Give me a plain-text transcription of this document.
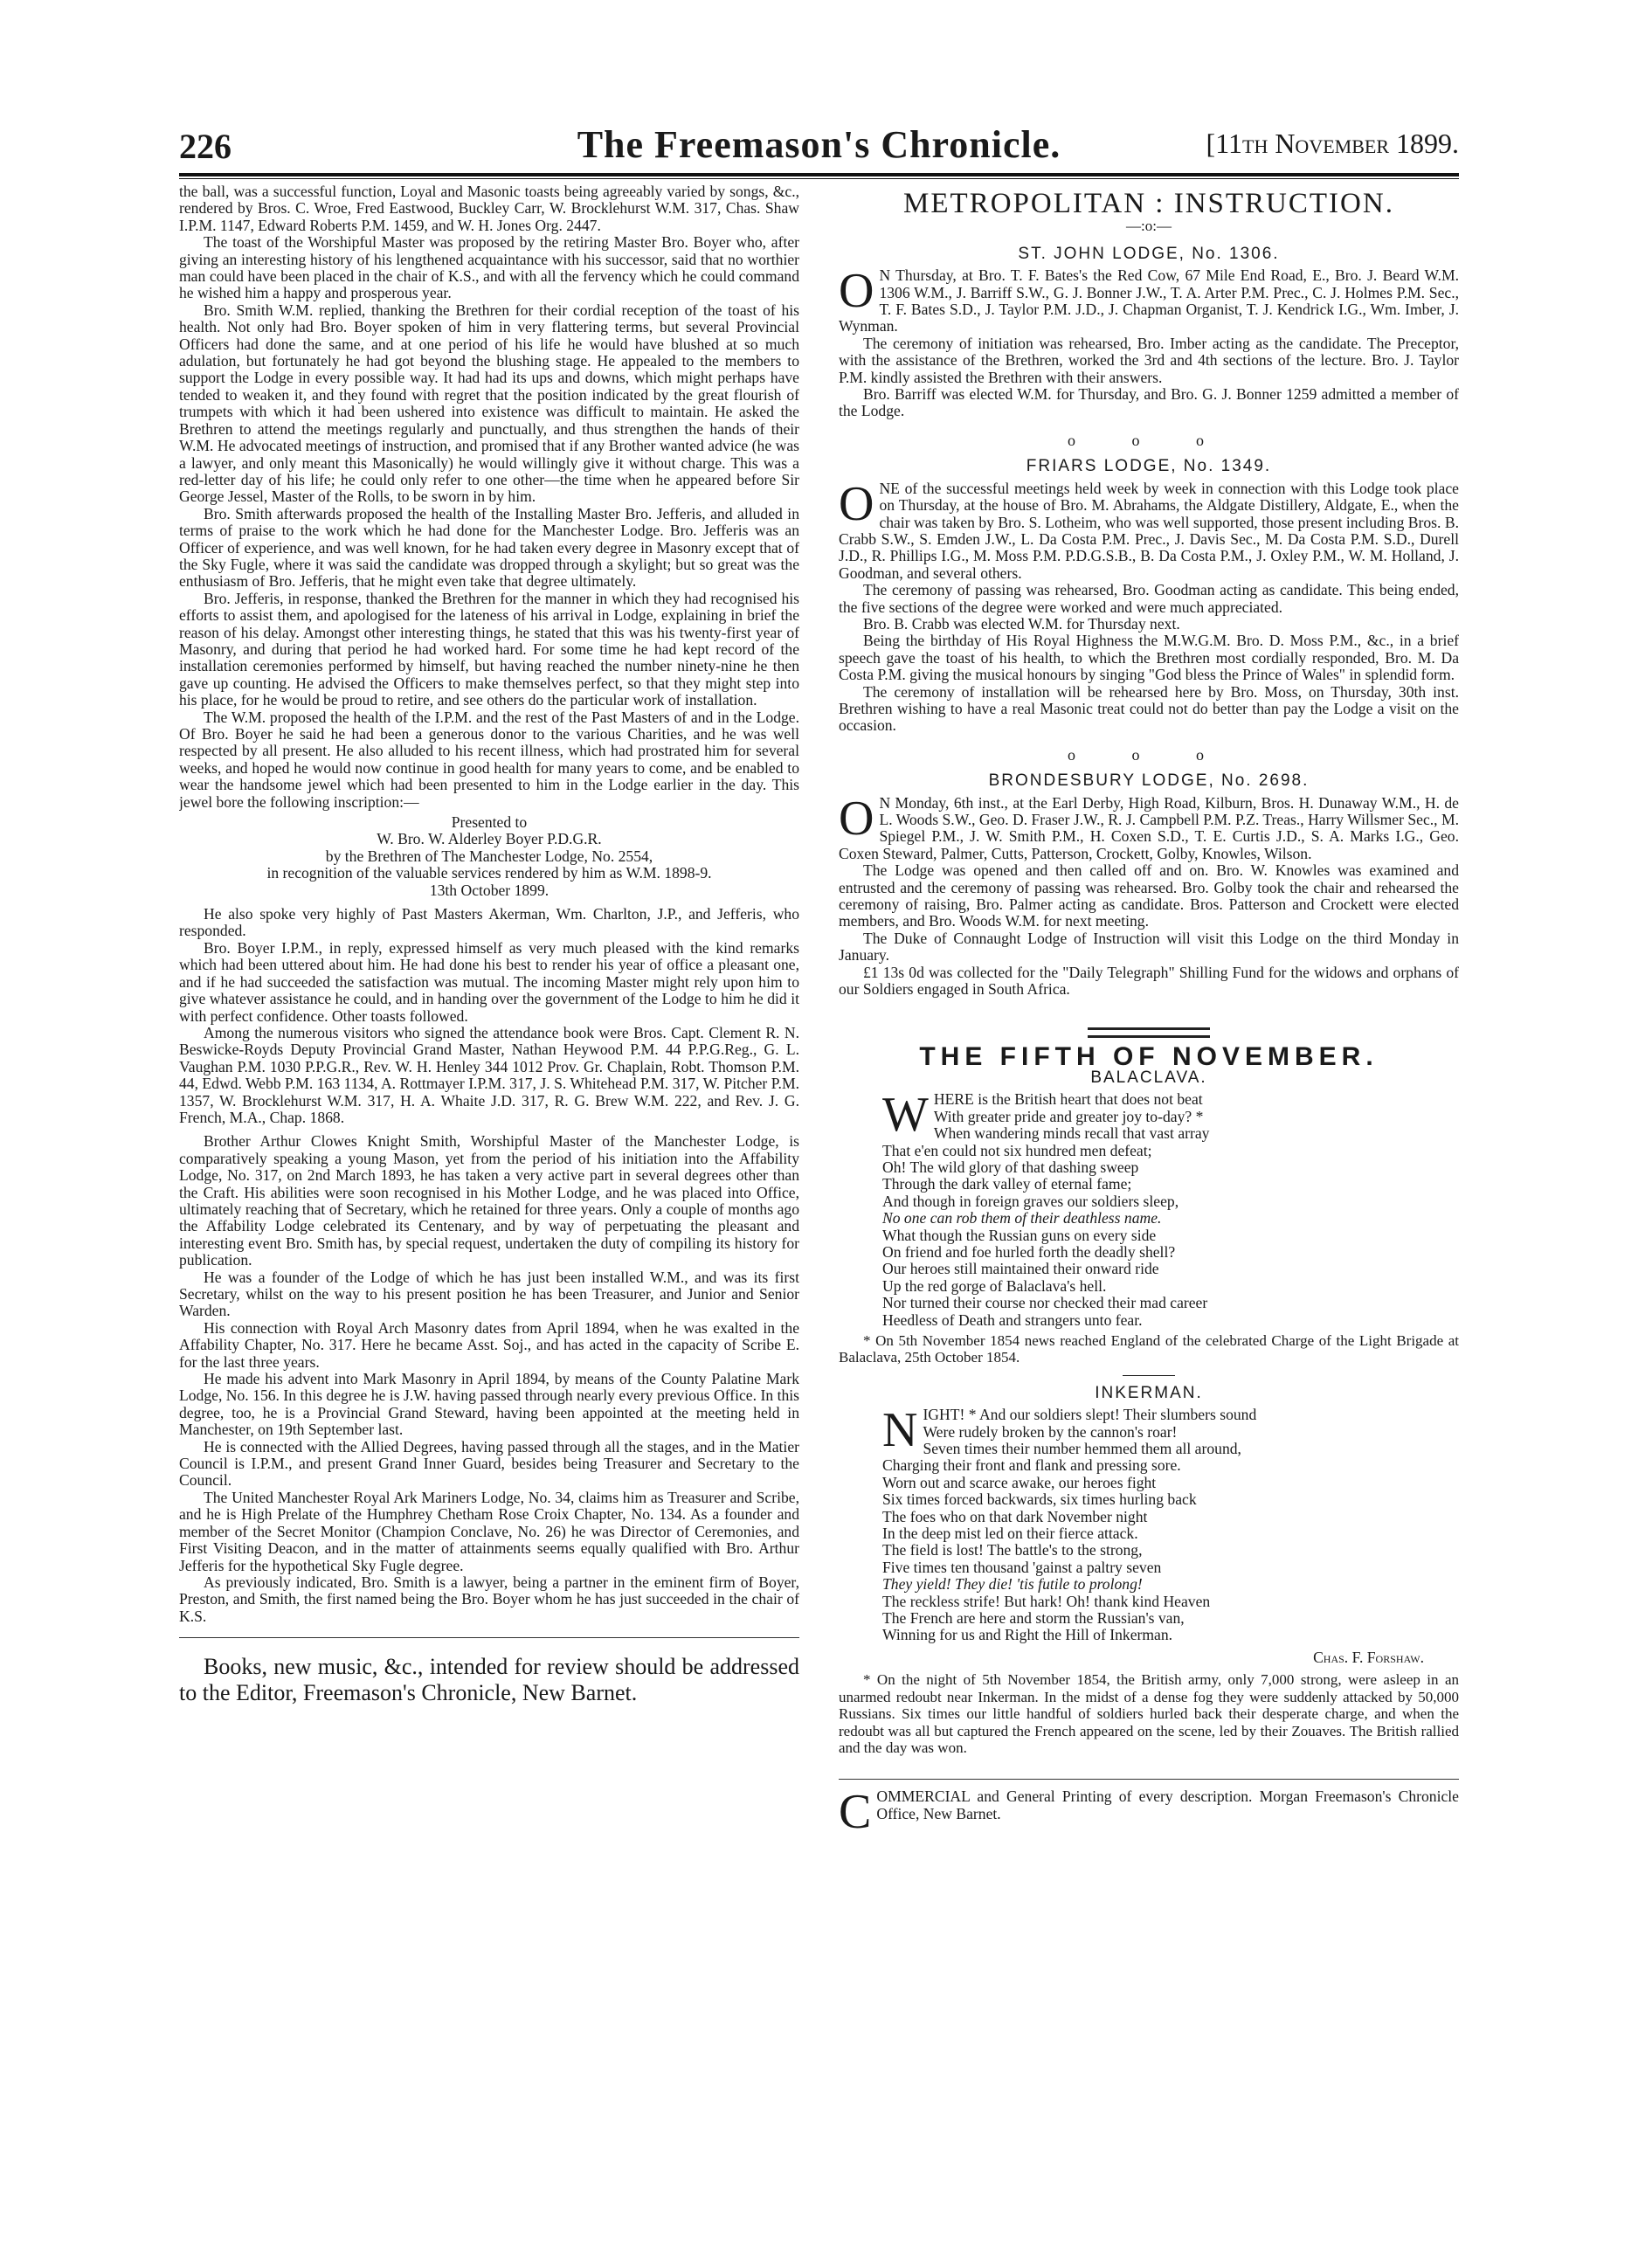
226	The Freemason's Chronicle.	[11th November 1899.

the ball, was a successful function, Loyal and Masonic toasts being agreeably varied by songs, &c., rendered by Bros. C. Wroe, Fred Eastwood, Buckley Carr, W. Brocklehurst W.M. 317, Chas. Shaw I.P.M. 1147, Edward Roberts P.M. 1459, and W. H. Jones Org. 2447.

The toast of the Worshipful Master was proposed by the retiring Master Bro. Boyer who, after giving an interesting history of his lengthened acquaintance with his successor, said that no worthier man could have been placed in the chair of K.S., and with all the fervency which he could command he wished him a happy and prosperous year.

Bro. Smith W.M. replied, thanking the Brethren for their cordial reception of the toast of his health. Not only had Bro. Boyer spoken of him in very flattering terms, but several Provincial Officers had done the same, and at one period of his life he would have blushed at so much adulation, but fortunately he had got beyond the blushing stage. He appealed to the members to support the Lodge in every possible way. It had had its ups and downs, which might perhaps have tended to weaken it, and they found with regret that the position indicated by the great flourish of trumpets with which it had been ushered into existence was difficult to maintain. He asked the Brethren to attend the meetings regularly and punctually, and thus strengthen the hands of their W.M. He advocated meetings of instruction, and promised that if any Brother wanted advice (he was a lawyer, and only meant this Masonically) he would willingly give it without charge. This was a red-letter day of his life; he could only refer to one other—the time when he appeared before Sir George Jessel, Master of the Rolls, to be sworn in by him.

Bro. Smith afterwards proposed the health of the Installing Master Bro. Jefferis, and alluded in terms of praise to the work which he had done for the Manchester Lodge. Bro. Jefferis was an Officer of experience, and was well known, for he had taken every degree in Masonry except that of the Sky Fugle, where it was said the candidate was dropped through a skylight; but so great was the enthusiasm of Bro. Jefferis, that he might even take that degree ultimately.

Bro. Jefferis, in response, thanked the Brethren for the manner in which they had recognised his efforts to assist them, and apologised for the lateness of his arrival in Lodge, explaining in brief the reason of his delay. Amongst other interesting things, he stated that this was his twenty-first year of Masonry, and during that period he had worked hard. For some time he had kept record of the installation ceremonies performed by himself, but having reached the number ninety-nine he then gave up counting. He advised the Officers to make themselves perfect, so that they might step into his place, for he would be proud to retire, and see others do the particular work of installation.

The W.M. proposed the health of the I.P.M. and the rest of the Past Masters of and in the Lodge. Of Bro. Boyer he said he had been a generous donor to the various Charities, and he was well respected by all present. He also alluded to his recent illness, which had prostrated him for several weeks, and hoped he would now continue in good health for many years to come, and be enabled to wear the handsome jewel which had been presented to him in the Lodge earlier in the day. This jewel bore the following inscription:—

Presented to

W. Bro. W. Alderley Boyer P.D.G.R.

by the Brethren of The Manchester Lodge, No. 2554,

in recognition of the valuable services rendered by him as W.M. 1898-9.

13th October 1899.

He also spoke very highly of Past Masters Akerman, Wm. Charlton, J.P., and Jefferis, who responded.

Bro. Boyer I.P.M., in reply, expressed himself as very much pleased with the kind remarks which had been uttered about him. He had done his best to render his year of office a pleasant one, and if he had succeeded the satisfaction was mutual. The incoming Master might rely upon him to give whatever assistance he could, and in handing over the government of the Lodge to him he did it with perfect confidence. Other toasts followed.

Among the numerous visitors who signed the attendance book were Bros. Capt. Clement R. N. Beswicke-Royds Deputy Provincial Grand Master, Nathan Heywood P.M. 44 P.P.G.Reg., G. L. Vaughan P.M. 1030 P.P.G.R., Rev. W. H. Henley 344 1012 Prov. Gr. Chaplain, Robt. Thomson P.M. 44, Edwd. Webb P.M. 163 1134, A. Rottmayer I.P.M. 317, J. S. Whitehead P.M. 317, W. Pitcher P.M. 1357, W. Brocklehurst W.M. 317, H. A. Whaite J.D. 317, R. G. Brew W.M. 222, and Rev. J. G. French, M.A., Chap. 1868.

Brother Arthur Clowes Knight Smith, Worshipful Master of the Manchester Lodge, is comparatively speaking a young Mason, yet from the period of his initiation into the Affability Lodge, No. 317, on 2nd March 1893, he has taken a very active part in several degrees other than the Craft. His abilities were soon recognised in his Mother Lodge, and he was placed into Office, ultimately reaching that of Secretary, which he retained for three years. Only a couple of months ago the Affability Lodge celebrated its Centenary, and by way of perpetuating the pleasant and interesting event Bro. Smith has, by special request, undertaken the duty of compiling its history for publication.

He was a founder of the Lodge of which he has just been installed W.M., and was its first Secretary, whilst on the way to his present position he has been Treasurer, and Junior and Senior Warden.

His connection with Royal Arch Masonry dates from April 1894, when he was exalted in the Affability Chapter, No. 317. Here he became Asst. Soj., and has acted in the capacity of Scribe E. for the last three years.

He made his advent into Mark Masonry in April 1894, by means of the County Palatine Mark Lodge, No. 156. In this degree he is J.W. having passed through nearly every previous Office. In this degree, too, he is a Provincial Grand Steward, having been appointed at the meeting held in Manchester, on 19th September last.

He is connected with the Allied Degrees, having passed through all the stages, and in the Matier Council is I.P.M., and present Grand Inner Guard, besides being Treasurer and Secretary to the Council.

The United Manchester Royal Ark Mariners Lodge, No. 34, claims him as Treasurer and Scribe, and he is High Prelate of the Humphrey Chetham Rose Croix Chapter, No. 134. As a founder and member of the Secret Monitor (Champion Conclave, No. 26) he was Director of Ceremonies, and First Visiting Deacon, and in the matter of attainments seems equally qualified with Bro. Arthur Jefferis for the hypothetical Sky Fugle degree.

As previously indicated, Bro. Smith is a lawyer, being a partner in the eminent firm of Boyer, Preston, and Smith, the first named being the Bro. Boyer whom he has just succeeded in the chair of K.S.

Books, new music, &c., intended for review should be addressed to the Editor, Freemason's Chronicle, New Barnet.

METROPOLITAN : INSTRUCTION.
—:o:—
ST. JOHN LODGE, No. 1306.

O N Thursday, at Bro. T. F. Bates's the Red Cow, 67 Mile End Road, E., Bro. J. Beard W.M. 1306 W.M., J. Barriff S.W., G. J. Bonner J.W., T. A. Arter P.M. Prec., C. J. Holmes P.M. Sec., T. F. Bates S.D., J. Taylor P.M. J.D., J. Chapman Organist, T. J. Kendrick I.G., Wm. Imber, J. Wynman.

The ceremony of initiation was rehearsed, Bro. Imber acting as the candidate. The Preceptor, with the assistance of the Brethren, worked the 3rd and 4th sections of the lecture. Bro. J. Taylor P.M. kindly assisted the Brethren with their answers.

Bro. Barriff was elected W.M. for Thursday, and Bro. G. J. Bonner 1259 admitted a member of the Lodge.

o o o
FRIARS LODGE, No. 1349.

ONE of the successful meetings held week by week in connection with this Lodge took place on Thursday, at the house of Bro. M. Abrahams, the Aldgate Distillery, Aldgate, E., when the chair was taken by Bro. S. Lotheim, who was well supported, those present including Bros. B. Crabb S.W., S. Emden J.W., L. Da Costa P.M. Prec., J. Davis Sec., M. Da Costa P.M. S.D., Durell J.D., R. Phillips I.G., M. Moss P.M. P.D.G.S.B., B. Da Costa P.M., J. Oxley P.M., W. M. Holland, J. Goodman, and several others.

The ceremony of passing was rehearsed, Bro. Goodman acting as candidate. This being ended, the five sections of the degree were worked and were much appreciated.

Bro. B. Crabb was elected W.M. for Thursday next.

Being the birthday of His Royal Highness the M.W.G.M. Bro. D. Moss P.M., &c., in a brief speech gave the toast of his health, to which the Brethren most cordially responded, Bro. M. Da Costa P.M. giving the musical honours by singing "God bless the Prince of Wales" in splendid form.

The ceremony of installation will be rehearsed here by Bro. Moss, on Thursday, 30th inst. Brethren wishing to have a real Masonic treat could not do better than pay the Lodge a visit on the occasion.

o o o
BRONDESBURY LODGE, No. 2698.

O N Monday, 6th inst., at the Earl Derby, High Road, Kilburn, Bros. H. Dunaway W.M., H. de L. Woods S.W., Geo. D. Fraser J.W., R. J. Campbell P.M. P.Z. Treas., Harry Willsmer Sec., M. Spiegel P.M., J. W. Smith P.M., H. Coxen S.D., T. E. Curtis J.D., S. A. Marks I.G., Geo. Coxen Steward, Palmer, Cutts, Patterson, Crockett, Golby, Knowles, Wilson.

The Lodge was opened and then called off and on. Bro. W. Knowles was examined and entrusted and the ceremony of passing was rehearsed. Bro. Golby took the chair and rehearsed the ceremony of raising, Bro. Palmer acting as candidate. Bros. Patterson and Crockett were elected members, and Bro. Woods W.M. for next meeting.

The Duke of Connaught Lodge of Instruction will visit this Lodge on the third Monday in January.

£1 13s 0d was collected for the "Daily Telegraph" Shilling Fund for the widows and orphans of our Soldiers engaged in South Africa.

THE FIFTH OF NOVEMBER.
BALACLAVA.
WHERE is the British heart that does not beat
With greater pride and greater joy to-day? *
When wandering minds recall that vast array
That e'en could not six hundred men defeat;
Oh! The wild glory of that dashing sweep
Through the dark valley of eternal fame;
And though in foreign graves our soldiers sleep,
No one can rob them of their deathless name.
What though the Russian guns on every side
On friend and foe hurled forth the deadly shell?
Our heroes still maintained their onward ride
Up the red gorge of Balaclava's hell.
Nor turned their course nor checked their mad career
Heedless of Death and strangers unto fear.

* On 5th November 1854 news reached England of the celebrated Charge of the Light Brigade at Balaclava, 25th October 1854.

INKERMAN.
NIGHT! * And our soldiers slept! Their slumbers sound
Were rudely broken by the cannon's roar!
Seven times their number hemmed them all around,
Charging their front and flank and pressing sore.
Worn out and scarce awake, our heroes fight
Six times forced backwards, six times hurling back
The foes who on that dark November night
In the deep mist led on their fierce attack.
The field is lost! The battle's to the strong,
Five times ten thousand 'gainst a paltry seven
They yield! They die! 'tis futile to prolong!
The reckless strife! But hark! Oh! thank kind Heaven
The French are here and storm the Russian's van,
Winning for us and Right the Hill of Inkerman.

Chas. F. Forshaw.

* On the night of 5th November 1854, the British army, only 7,000 strong, were asleep in an unarmed redoubt near Inkerman. In the midst of a dense fog they were suddenly attacked by 50,000 Russians. Six times our little handful of soldiers hurled back their desperate charge, and when the redoubt was all but captured the French appeared on the scene, led by their Zouaves. The British rallied and the day was won.

COMMERCIAL and General Printing of every description. Morgan Freemason's Chronicle Office, New Barnet.
